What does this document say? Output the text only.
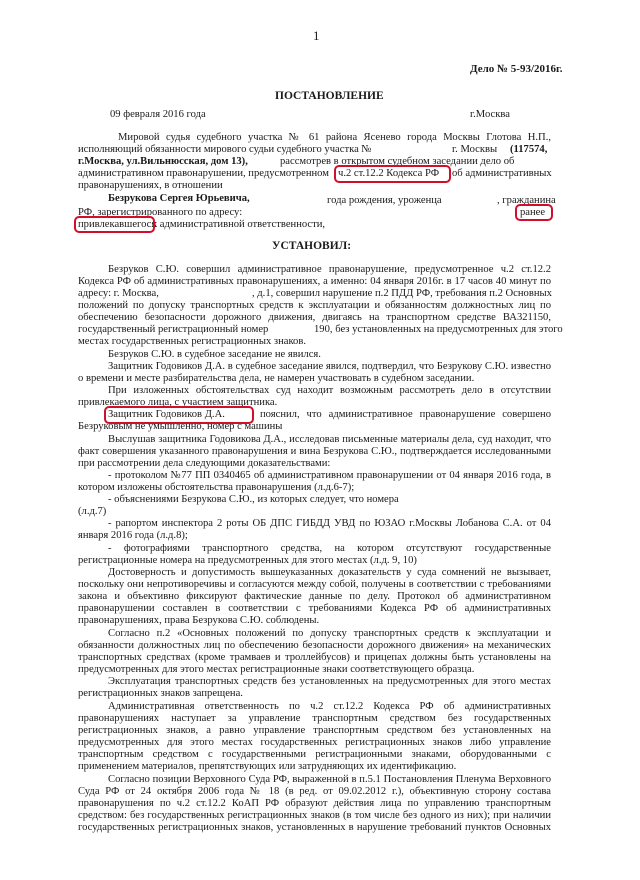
1
Дело № 5-93/2016г.
ПОСТАНОВЛЕНИЕ
09 февраля 2016 года	г.Москва
Мировой судья судебного участка № 61 района Ясенево города Москвы Глотова Н.П.,
исполняющий обязанности мирового судьи судебного участка №	г. Москвы (117574,
г.Москва, ул.Вильнюсская, дом 13),	рассмотрев в открытом судебном заседании дело об
административном правонарушении, предусмотренном ч.2 ст.12.2 Кодекса РФ об административных
правонарушениях, в отношении
Безрукова Сергея Юрьевича,	года рождения, уроженца	, гражданина
РФ, зарегистрированного по адресу:	ранее
привлекавшегося
к административной ответственности,
УСТАНОВИЛ:
Безруков С.Ю. совершил административное правонарушение, предусмотренное ч.2 ст.12.2
Кодекса РФ об административных правонарушениях, а именно: 04 января 2016г. в 17 часов 40 минут по
адресу: г. Москва,	, д.1, совершил нарушение п.2 ПДД РФ, требования п.2 Основных
положений по допуску транспортных средств к эксплуатации и обязанностям должностных лиц по
обеспечению безопасности дорожного движения, двигаясь на транспортном средстве ВА321150,
государственный регистрационный номер	190, без установленных на предусмотренных для этого
местах государственных регистрационных знаков.
Безруков С.Ю. в судебное заседание не явился.
Защитник Годовиков Д.А. в судебное заседание явился, подтвердил, что Безрукову С.Ю. известно
о времени и месте разбирательства дела, не намерен участвовать в судебном заседании.
При изложенных обстоятельствах суд находит возможным рассмотреть дело в отсутствии
привлекаемого лица, с участием защитника.
Защитник Годовиков Д.А.	пояснил, что административное правонарушение совершено
Безруковым не умышленно, номер с машины
Выслушав защитника Годовикова Д.А., исследовав письменные материалы дела, суд находит, что
факт совершения указанного правонарушения и вина Безрукова С.Ю., подтверждается исследованными
при рассмотрении дела следующими доказательствами:
- протоколом №77 ПП 0340465 об административном правонарушении от 04 января 2016 года, в
котором изложены обстоятельства правонарушения (л.д.6-7);
- объяснениями Безрукова С.Ю., из которых следует, что номера
(л.д.7)
- рапортом инспектора 2 роты ОБ ДПС ГИБДД УВД по ЮЗАО г.Москвы Лобанова С.А. от 04
января 2016 года (л.д.8);
- фотографиями транспортного средства, на котором отсутствуют государственные
регистрационные номера на предусмотренных для этого местах (л.д. 9, 10)
Достоверность и допустимость вышеуказанных доказательств у суда сомнений не вызывает,
поскольку они непротиворечивы и согласуются между собой, получены в соответствии с требованиями
закона и объективно фиксируют фактические данные по делу. Протокол об административном
правонарушении составлен в соответствии с требованиями Кодекса РФ об административных
правонарушениях, права Безрукова С.Ю. соблюдены.
Согласно п.2 «Основных положений по допуску транспортных средств к эксплуатации и
обязанности должностных лиц по обеспечению безопасности дорожного движения» на механических
транспортных средствах (кроме трамваев и троллейбусов) и прицепах должны быть установлены на
предусмотренных для этого местах регистрационные знаки соответствующего образца.
Эксплуатация транспортных средств без установленных на предусмотренных для этого местах
регистрационных знаков запрещена.
Административная ответственность по ч.2 ст.12.2 Кодекса РФ об административных
правонарушениях наступает за управление транспортным средством без государственных
регистрационных знаков, а равно управление транспортным средством без установленных на
предусмотренных для этого местах государственных регистрационных знаков либо управление
транспортным средством с государственными регистрационными знаками, оборудованными с
применением материалов, препятствующих или затрудняющих их идентификацию.
Согласно позиции Верховного Суда РФ, выраженной в п.5.1 Постановления Пленума Верховного
Суда РФ от 24 октября 2006 года № 18 (в ред. от 09.02.2012 г.), объективную сторону состава
правонарушения по ч.2 ст.12.2 КоАП РФ образуют действия лица по управлению транспортным
средством: без государственных регистрационных знаков (в том числе без одного из них); при наличии
государственных регистрационных знаков, установленных в нарушение требований пунктов Основных
